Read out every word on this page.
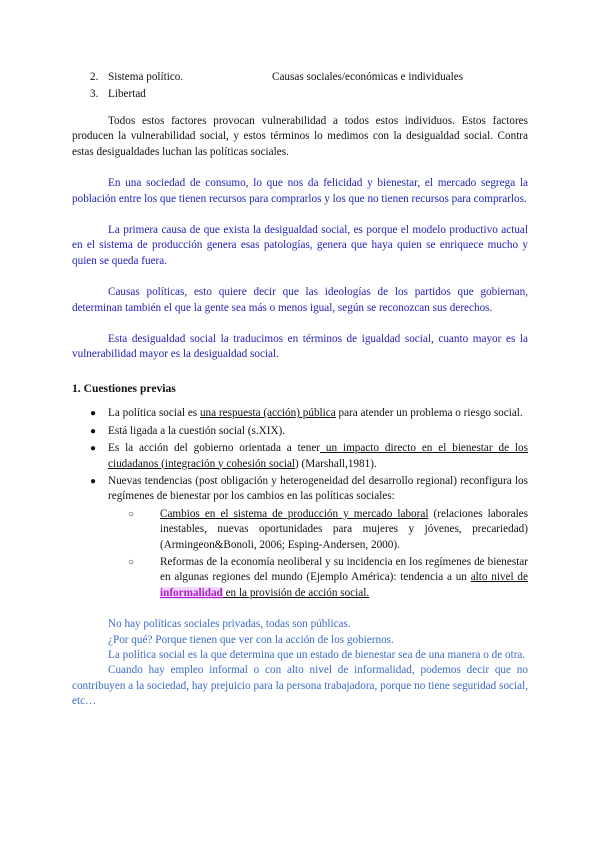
2. Sistema político.	Causas sociales/económicas e individuales
3. Libertad

Todos estos factores provocan vulnerabilidad a todos estos individuos. Estos factores producen la vulnerabilidad social, y estos términos lo medimos con la desigualdad social. Contra estas desigualdades luchan las políticas sociales.

En una sociedad de consumo, lo que nos da felicidad y bienestar, el mercado segrega la población entre los que tienen recursos para comprarlos y los que no tienen recursos para comprarlos.

La primera causa de que exista la desigualdad social, es porque el modelo productivo actual en el sistema de producción genera esas patologías, genera que haya quien se enriquece mucho y quien se queda fuera.

Causas políticas, esto quiere decir que las ideologías de los partidos que gobiernan, determinan también el que la gente sea más o menos igual, según se reconozcan sus derechos.

Esta desigualdad social la traducimos en términos de igualdad social, cuanto mayor es la vulnerabilidad mayor es la desigualdad social.

1. Cuestiones previas
● La política social es una respuesta (acción) pública para atender un problema o riesgo social.
● Está ligada a la cuestión social (s.XIX).
● Es la acción del gobierno orientada a tener un impacto directo en el bienestar de los ciudadanos (integración y cohesión social) (Marshall,1981).
● Nuevas tendencias (post obligación y heterogeneidad del desarrollo regional) reconfigura los regímenes de bienestar por los cambios en las políticas sociales:
○ Cambios en el sistema de producción y mercado laboral (relaciones laborales inestables, nuevas oportunidades para mujeres y jóvenes, precariedad) (Armingeon&Bonoli, 2006; Esping-Andersen, 2000).
○ Reformas de la economía neoliberal y su incidencia en los regímenes de bienestar en algunas regiones del mundo (Ejemplo América): tendencia a un alto nivel de informalidad en la provisión de acción social.

No hay políticas sociales privadas, todas son públicas.

¿Por qué? Porque tienen que ver con la acción de los gobiernos.

La política social es la que determina que un estado de bienestar sea de una manera o de otra.

Cuando hay empleo informal o con alto nivel de informalidad, podemos decir que no contribuyen a la sociedad, hay prejuicio para la persona trabajadora, porque no tiene seguridad social, etc…
